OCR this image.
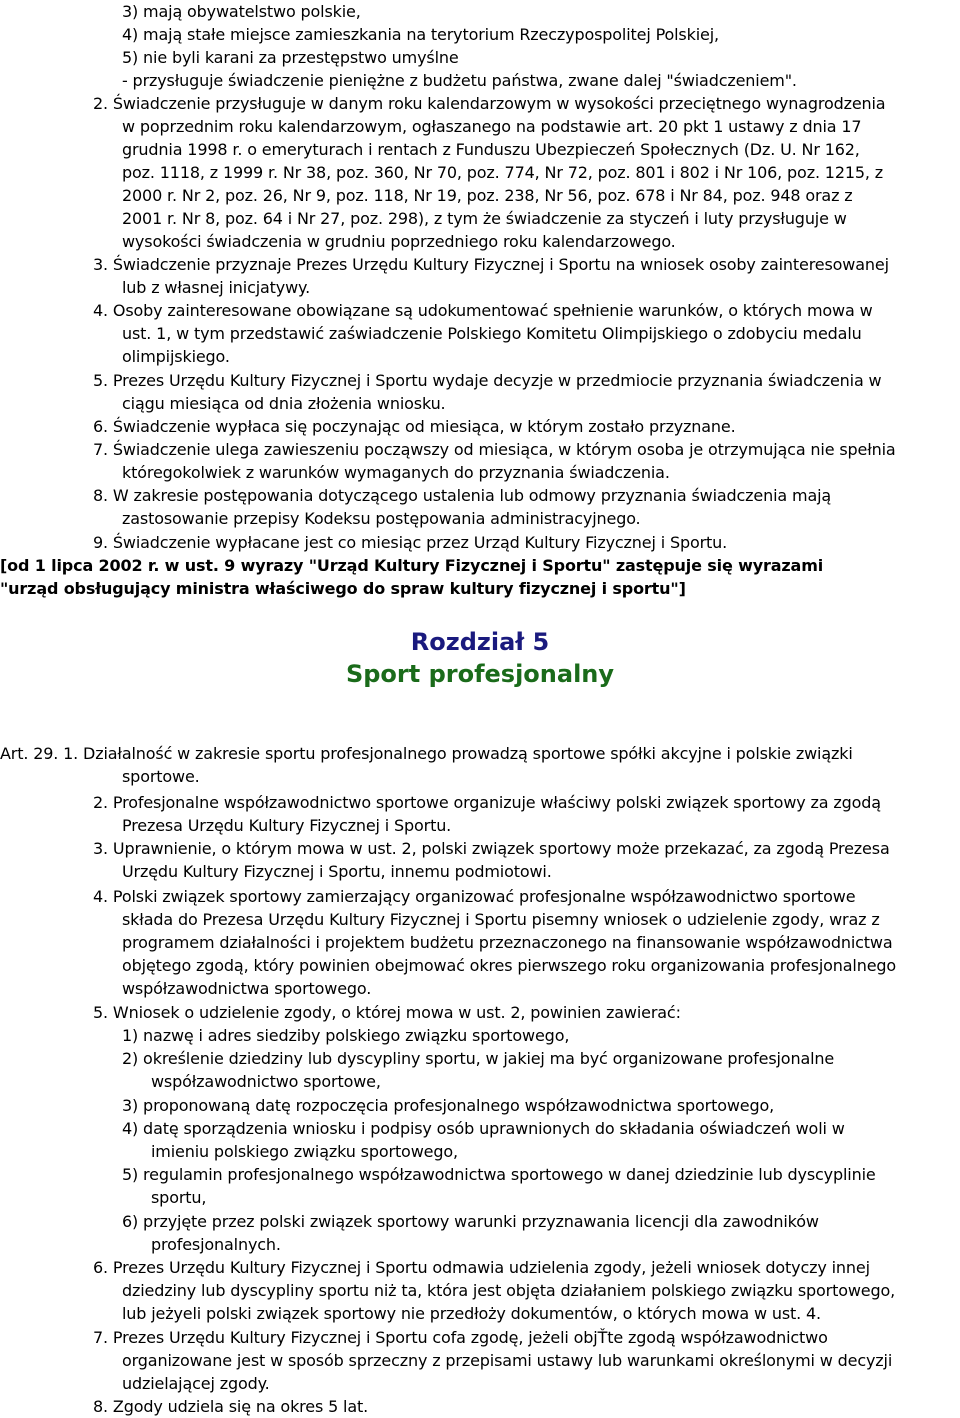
3) mają obywatelstwo polskie,
4) mają stałe miejsce zamieszkania na terytorium Rzeczypospolitej Polskiej,
5) nie byli karani za przestępstwo umyślne
- przysługuje świadczenie pieniężne z budżetu państwa, zwane dalej "świadczeniem".
2. Świadczenie przysługuje w danym roku kalendarzowym w wysokości przeciętnego wynagrodzenia
w poprzednim roku kalendarzowym, ogłaszanego na podstawie art. 20 pkt 1 ustawy z dnia 17
grudnia 1998 r. o emeryturach i rentach z Funduszu Ubezpieczeń Społecznych (Dz. U. Nr 162,
poz. 1118, z 1999 r. Nr 38, poz. 360, Nr 70, poz. 774, Nr 72, poz. 801 i 802 i Nr 106, poz. 1215, z
2000 r. Nr 2, poz. 26, Nr 9, poz. 118, Nr 19, poz. 238, Nr 56, poz. 678 i Nr 84, poz. 948 oraz z
2001 r. Nr 8, poz. 64 i Nr 27, poz. 298), z tym że świadczenie za styczeń i luty przysługuje w
wysokości świadczenia w grudniu poprzedniego roku kalendarzowego.
3. Świadczenie przyznaje Prezes Urzędu Kultury Fizycznej i Sportu na wniosek osoby zainteresowanej
lub z własnej inicjatywy.
4. Osoby zainteresowane obowiązane są udokumentować spełnienie warunków, o których mowa w
ust. 1, w tym przedstawić zaświadczenie Polskiego Komitetu Olimpijskiego o zdobyciu medalu
olimpijskiego.
5. Prezes Urzędu Kultury Fizycznej i Sportu wydaje decyzje w przedmiocie przyznania świadczenia w
ciągu miesiąca od dnia złożenia wniosku.
6. Świadczenie wypłaca się poczynając od miesiąca, w którym zostało przyznane.
7. Świadczenie ulega zawieszeniu począwszy od miesiąca, w którym osoba je otrzymująca nie spełnia
któregokolwiek z warunków wymaganych do przyznania świadczenia.
8. W zakresie postępowania dotyczącego ustalenia lub odmowy przyznania świadczenia mają
zastosowanie przepisy Kodeksu postępowania administracyjnego.
9. Świadczenie wypłacane jest co miesiąc przez Urząd Kultury Fizycznej i Sportu.
[od 1 lipca 2002 r. w ust. 9 wyrazy "Urząd Kultury Fizycznej i Sportu" zastępuje się wyrazami
"urząd obsługujący ministra właściwego do spraw kultury fizycznej i sportu"]
Rozdział 5
Sport profesjonalny
Art. 29. 1. Działalność w zakresie sportu profesjonalnego prowadzą sportowe spółki akcyjne i polskie związki
sportowe.
2. Profesjonalne współzawodnictwo sportowe organizuje właściwy polski związek sportowy za zgodą
Prezesa Urzędu Kultury Fizycznej i Sportu.
3. Uprawnienie, o którym mowa w ust. 2, polski związek sportowy może przekazać, za zgodą Prezesa
Urzędu Kultury Fizycznej i Sportu, innemu podmiotowi.
4. Polski związek sportowy zamierzający organizować profesjonalne współzawodnictwo sportowe
składa do Prezesa Urzędu Kultury Fizycznej i Sportu pisemny wniosek o udzielenie zgody, wraz z
programem działalności i projektem budżetu przeznaczonego na finansowanie współzawodnictwa
objętego zgodą, który powinien obejmować okres pierwszego roku organizowania profesjonalnego
współzawodnictwa sportowego.
5. Wniosek o udzielenie zgody, o której mowa w ust. 2, powinien zawierać:
1) nazwę i adres siedziby polskiego związku sportowego,
2) określenie dziedziny lub dyscypliny sportu, w jakiej ma być organizowane profesjonalne
współzawodnictwo sportowe,
3) proponowaną datę rozpoczęcia profesjonalnego współzawodnictwa sportowego,
4) datę sporządzenia wniosku i podpisy osób uprawnionych do składania oświadczeń woli w
imieniu polskiego związku sportowego,
5) regulamin profesjonalnego współzawodnictwa sportowego w danej dziedzinie lub dyscyplinie
sportu,
6) przyjęte przez polski związek sportowy warunki przyznawania licencji dla zawodników
profesjonalnych.
6. Prezes Urzędu Kultury Fizycznej i Sportu odmawia udzielenia zgody, jeżeli wniosek dotyczy innej
dziedziny lub dyscypliny sportu niż ta, która jest objęta działaniem polskiego związku sportowego,
lub jeżyeli polski związek sportowy nie przedłoży dokumentów, o których mowa w ust. 4.
7. Prezes Urzędu Kultury Fizycznej i Sportu cofa zgodę, jeżeli objŤte zgodą współzawodnictwo
organizowane jest w sposób sprzeczny z przepisami ustawy lub warunkami określonymi w decyzji
udzielającej zgody.
8. Zgody udziela się na okres 5 lat.
